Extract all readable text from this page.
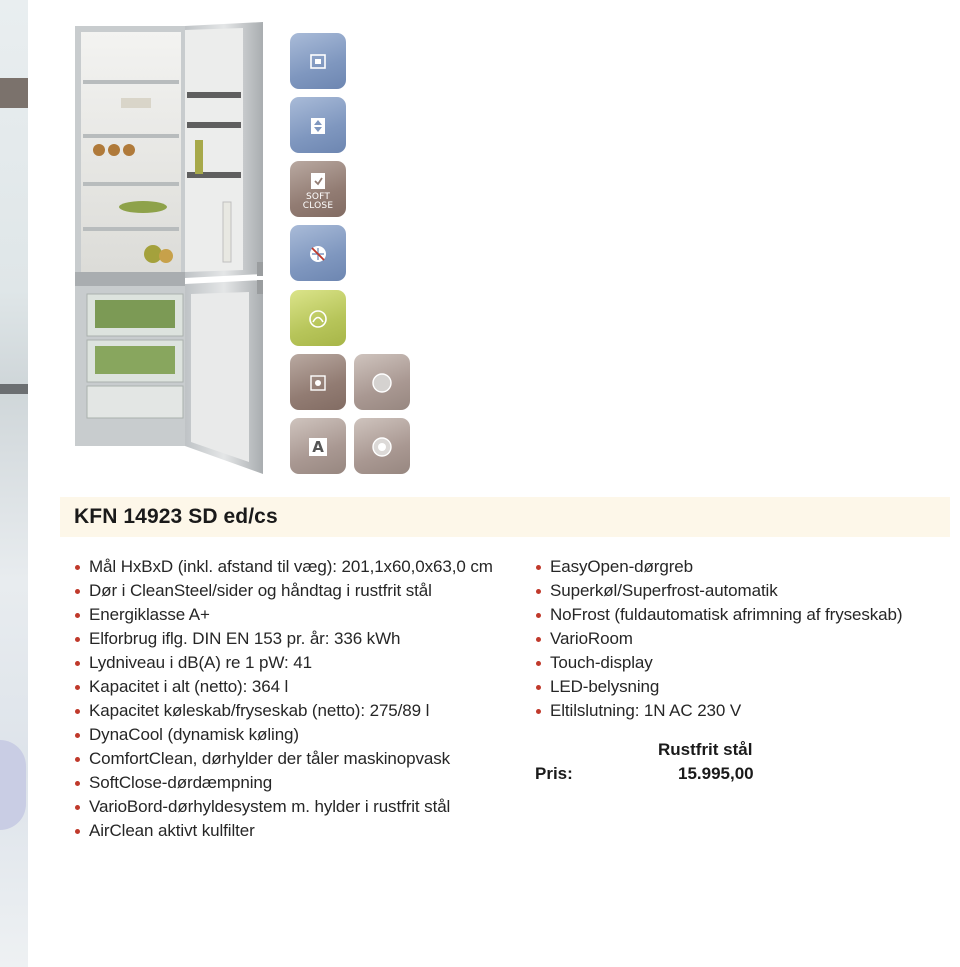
SOFT
CLOSE
A
KFN 14923 SD ed/cs
Mål HxBxD (inkl. afstand til væg): 201,1x60,0x63,0 cm
Dør i CleanSteel/sider og håndtag i rustfrit stål
Energiklasse A+
Elforbrug iflg. DIN EN 153 pr. år: 336 kWh
Lydniveau i dB(A) re 1 pW: 41
Kapacitet i alt (netto): 364 l
Kapacitet køleskab/fryseskab (netto): 275/89 l
DynaCool (dynamisk køling)
ComfortClean, dørhylder der tåler maskinopvask
SoftClose-dørdæmpning
VarioBord-dørhyldesystem m. hylder i rustfrit stål
AirClean aktivt kulfilter
EasyOpen-dørgreb
Superkøl/Superfrost-automatik
NoFrost (fuldautomatisk afrimning af fryseskab)
VarioRoom
Touch-display
LED-belysning
Eltilslutning: 1N AC 230 V
Rustfrit stål
Pris:	15.995,00
